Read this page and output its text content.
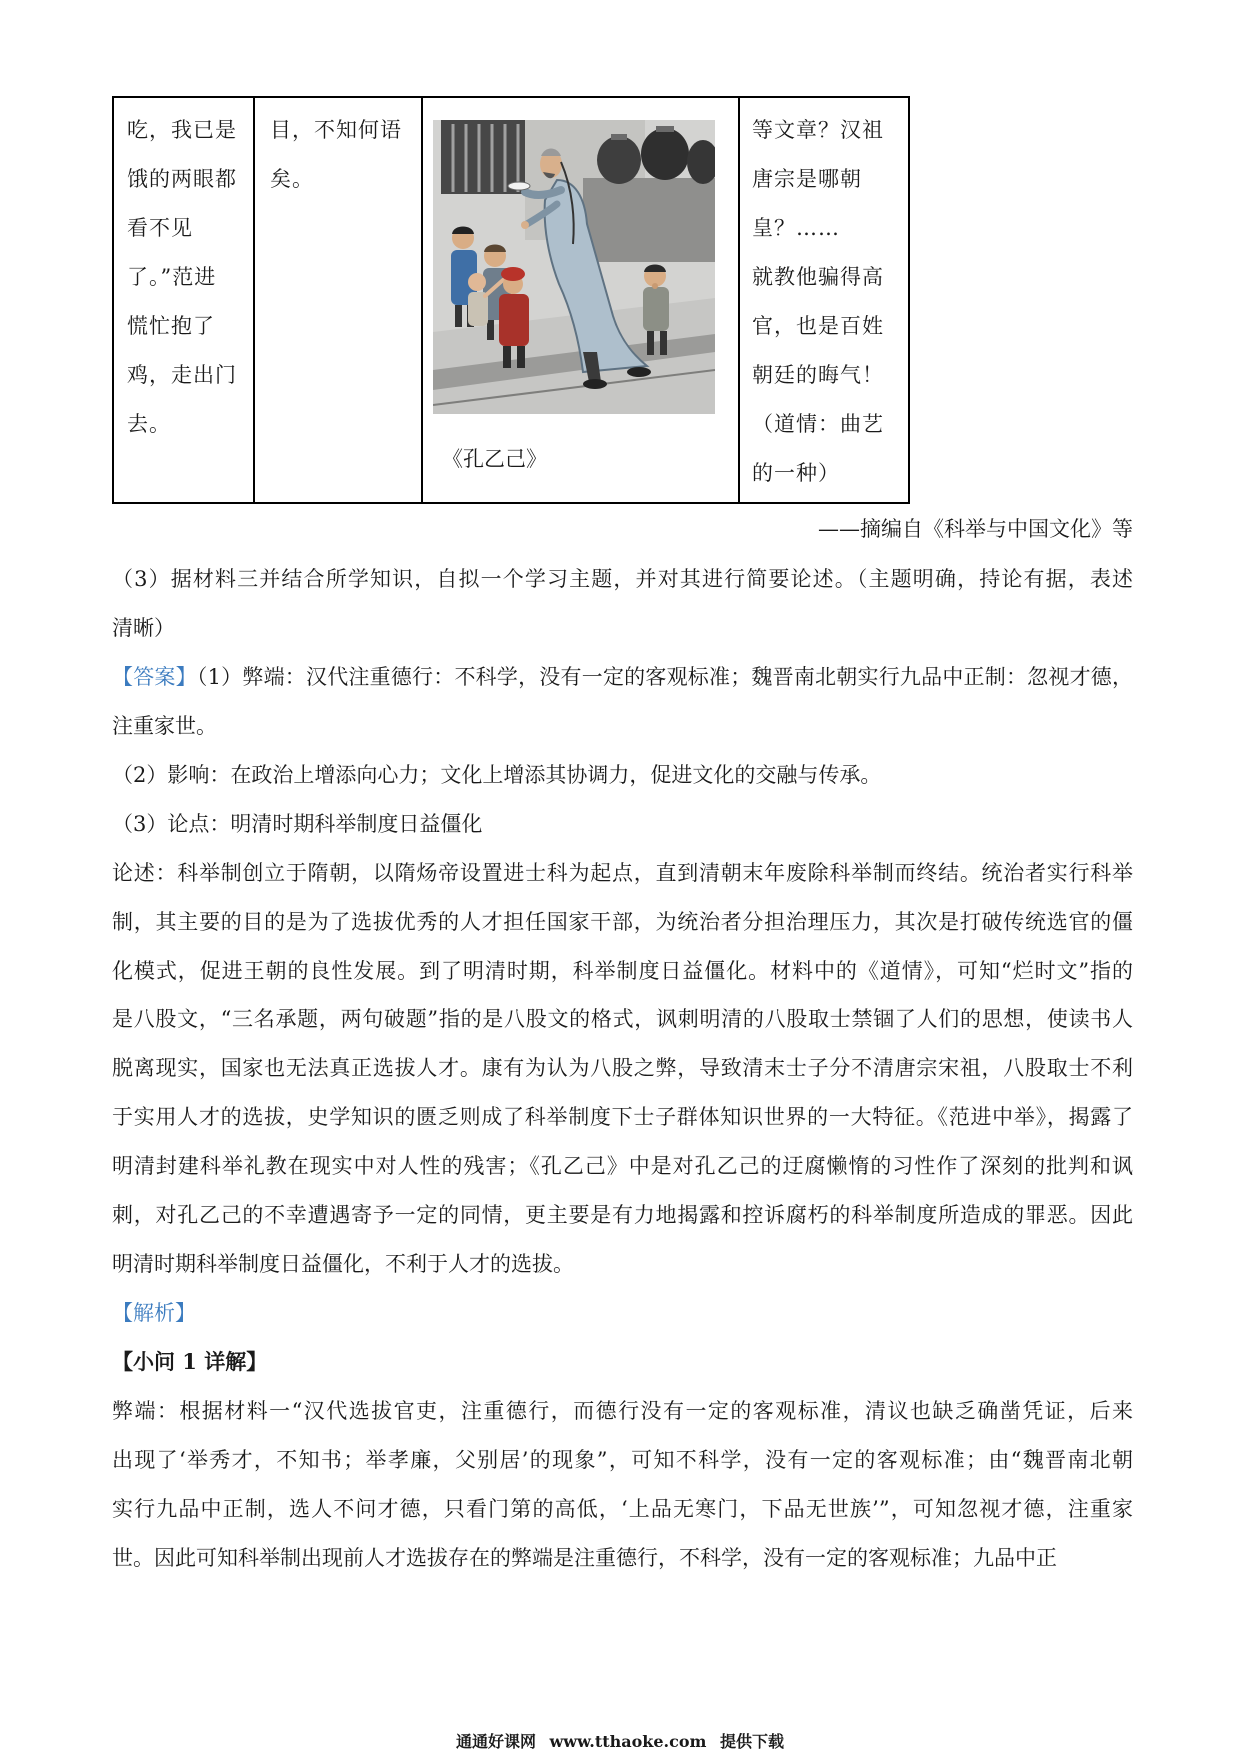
吃，我已是
饿的两眼都
看不见
了。”范进
慌忙抱了
鸡，走出门
去。
目，不知何语
矣。
《孔乙己》
等文章？汉祖
唐宗是哪朝
皇？……
就教他骗得高
官，也是百姓
朝廷的晦气！
（道情：曲艺
的一种）
——摘编自《科举与中国文化》等
（3）据材料三并结合所学知识，自拟一个学习主题，并对其进行简要论述。（主题明确，持论有据，表述
清晰）
【答案】（1）弊端：汉代注重德行：不科学，没有一定的客观标准；魏晋南北朝实行九品中正制：忽视才德，
注重家世。
（2）影响：在政治上增添向心力；文化上增添其协调力，促进文化的交融与传承。
（3）论点：明清时期科举制度日益僵化
论述：科举制创立于隋朝，以隋炀帝设置进士科为起点，直到清朝末年废除科举制而终结。统治者实行科举
制，其主要的目的是为了选拔优秀的人才担任国家干部，为统治者分担治理压力，其次是打破传统选官的僵
化模式，促进王朝的良性发展。到了明清时期，科举制度日益僵化。材料中的《道情》，可知“烂时文”指的
是八股文，“三名承题，两句破题”指的是八股文的格式，讽刺明清的八股取士禁锢了人们的思想，使读书人
脱离现实，国家也无法真正选拔人才。康有为认为八股之弊，导致清末士子分不清唐宗宋祖，八股取士不利
于实用人才的选拔，史学知识的匮乏则成了科举制度下士子群体知识世界的一大特征。《范进中举》，揭露了
明清封建科举礼教在现实中对人性的残害；《孔乙己》中是对孔乙己的迂腐懒惰的习性作了深刻的批判和讽
刺，对孔乙己的不幸遭遇寄予一定的同情，更主要是有力地揭露和控诉腐朽的科举制度所造成的罪恶。因此
明清时期科举制度日益僵化，不利于人才的选拔。
【解析】
【小问 1 详解】
弊端：根据材料一“汉代选拔官吏，注重德行，而德行没有一定的客观标准，清议也缺乏确凿凭证，后来
出现了‘举秀才，不知书；举孝廉，父别居’的现象”，可知不科学，没有一定的客观标准；由“魏晋南北朝
实行九品中正制，选人不问才德，只看门第的高低，‘上品无寒门，下品无世族’”，可知忽视才德，注重家
世。因此可知科举制出现前人才选拔存在的弊端是注重德行，不科学，没有一定的客观标准；九品中正
通通好课网 www.tthaoke.com 提供下载
